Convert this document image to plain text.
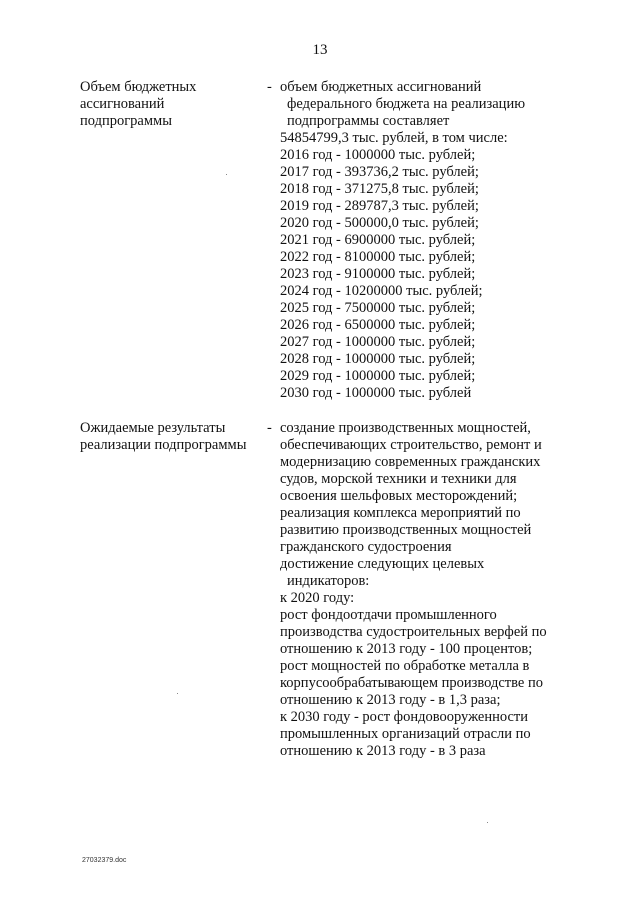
13
Объем бюджетных
ассигнований
подпрограммы
- объем бюджетных ассигнований
федерального бюджета на реализацию
подпрограммы составляет
54854799,3 тыс. рублей, в том числе:
2016 год - 1000000 тыс. рублей;
2017 год - 393736,2 тыс. рублей;
2018 год - 371275,8 тыс. рублей;
2019 год - 289787,3 тыс. рублей;
2020 год - 500000,0 тыс. рублей;
2021 год - 6900000 тыс. рублей;
2022 год - 8100000 тыс. рублей;
2023 год - 9100000 тыс. рублей;
2024 год - 10200000 тыс. рублей;
2025 год - 7500000 тыс. рублей;
2026 год - 6500000 тыс. рублей;
2027 год - 1000000 тыс. рублей;
2028 год - 1000000 тыс. рублей;
2029 год - 1000000 тыс. рублей;
2030 год - 1000000 тыс. рублей
Ожидаемые результаты
реализации подпрограммы
- создание производственных мощностей,
обеспечивающих строительство, ремонт и
модернизацию современных гражданских
судов, морской техники и техники для
освоения шельфовых месторождений;
реализация комплекса мероприятий по
развитию производственных мощностей
гражданского судостроения
достижение следующих целевых
индикаторов:
к 2020 году:
рост фондоотдачи промышленного
производства судостроительных верфей по
отношению к 2013 году - 100 процентов;
рост мощностей по обработке металла в
корпусообрабатывающем производстве по
отношению к 2013 году - в 1,3 раза;
к 2030 году - рост фондовооруженности
промышленных организаций отрасли по
отношению к 2013 году - в 3 раза
27032379.doc
